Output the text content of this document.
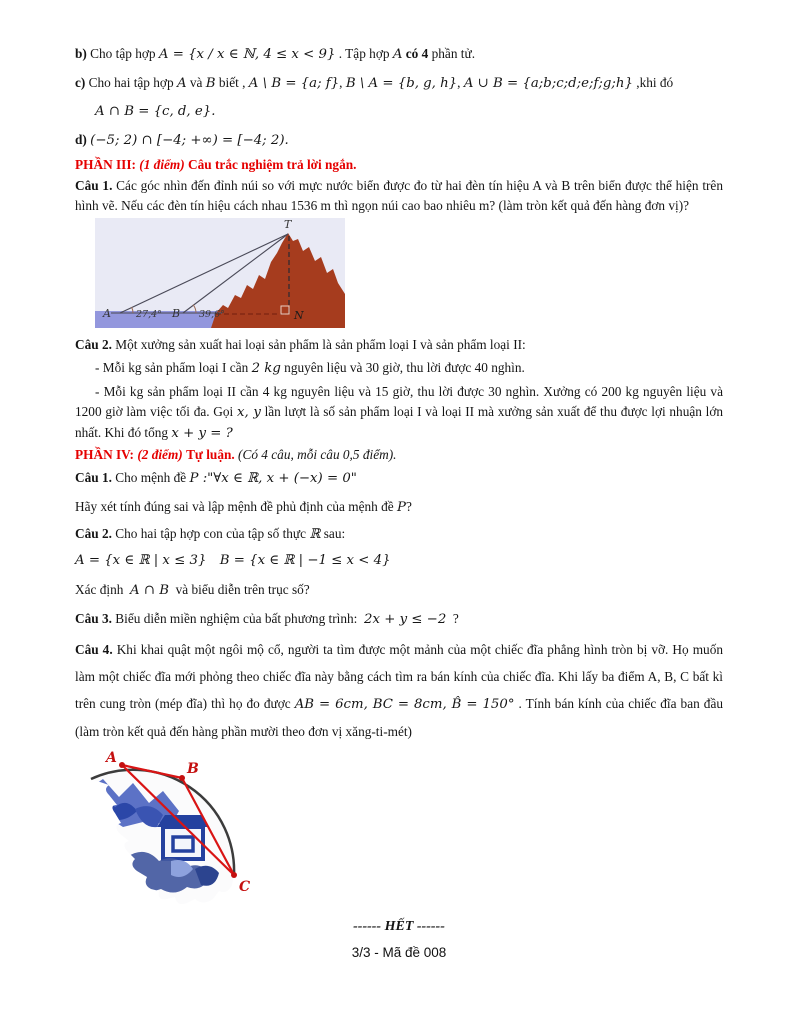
b) Cho tập hợp A = {x / x ∈ ℕ, 4 ≤ x < 9} . Tập hợp A có 4 phần tử.
c) Cho hai tập hợp A và B biết , A \ B = {a; f}, B \ A = {b, g, h}, A ∪ B = {a;b;c;d;e;f;g;h} ,khi đó
A ∩ B = {c, d, e}.
d) (−5; 2) ∩ [−4; +∞) = [−4; 2).
PHẦN III: (1 điểm) Câu trắc nghiệm trả lời ngắn.
Câu 1. Các góc nhìn đến đỉnh núi so với mực nước biển được đo từ hai đèn tín hiệu A và B trên biển được thể hiện trên hình vẽ. Nếu các đèn tín hiệu cách nhau 1536 m thì ngọn núi cao bao nhiêu m? (làm tròn kết quả đến hàng đơn vị)?
T
A	B	N
27,4°	39,6°
Câu 2. Một xưởng sản xuất hai loại sản phẩm là sản phẩm loại I và sản phẩm loại II:
- Mỗi kg sản phẩm loại I cần 2 kg nguyên liệu và 30 giờ, thu lời được 40 nghìn.
- Mỗi kg sản phẩm loại II cần 4 kg nguyên liệu và 15 giờ, thu lời được 30 nghìn. Xưởng có 200 kg nguyên liệu và 1200 giờ làm việc tối đa. Gọi x, y lần lượt là số sản phẩm loại I và loại II mà xưởng sản xuất để thu được lợi nhuận lớn nhất. Khi đó tổng x + y = ?
PHẦN IV: (2 điểm) Tự luận. (Có 4 câu, mỗi câu 0,5 điểm).
Câu 1. Cho mệnh đề P :"∀x ∈ ℝ, x + (−x) = 0"
Hãy xét tính đúng sai và lập mệnh đề phủ định của mệnh đề P?
Câu 2. Cho hai tập hợp con của tập số thực ℝ sau:
A = {x ∈ ℝ | x ≤ 3} B = {x ∈ ℝ | −1 ≤ x < 4}
Xác định  A ∩ B  và biểu diễn trên trục số?
Câu 3. Biểu diễn miền nghiệm của bất phương trình:  2x + y ≤ −2  ?
Câu 4. Khi khai quật một ngôi mộ cổ, người ta tìm được một mảnh của một chiếc đĩa phẳng hình tròn bị vỡ. Họ muốn làm một chiếc đĩa mới phỏng theo chiếc đĩa này bằng cách tìm ra bán kính của chiếc đĩa. Khi lấy ba điểm A, B, C bất kì trên cung tròn (mép đĩa) thì họ đo được AB = 6cm, BC = 8cm, B̂ = 150° . Tính bán kính của chiếc đĩa ban đầu (làm tròn kết quả đến hàng phần mười theo đơn vị xăng-ti-mét)
A
B
C
------ HẾT ------
3/3 - Mã đề 008
